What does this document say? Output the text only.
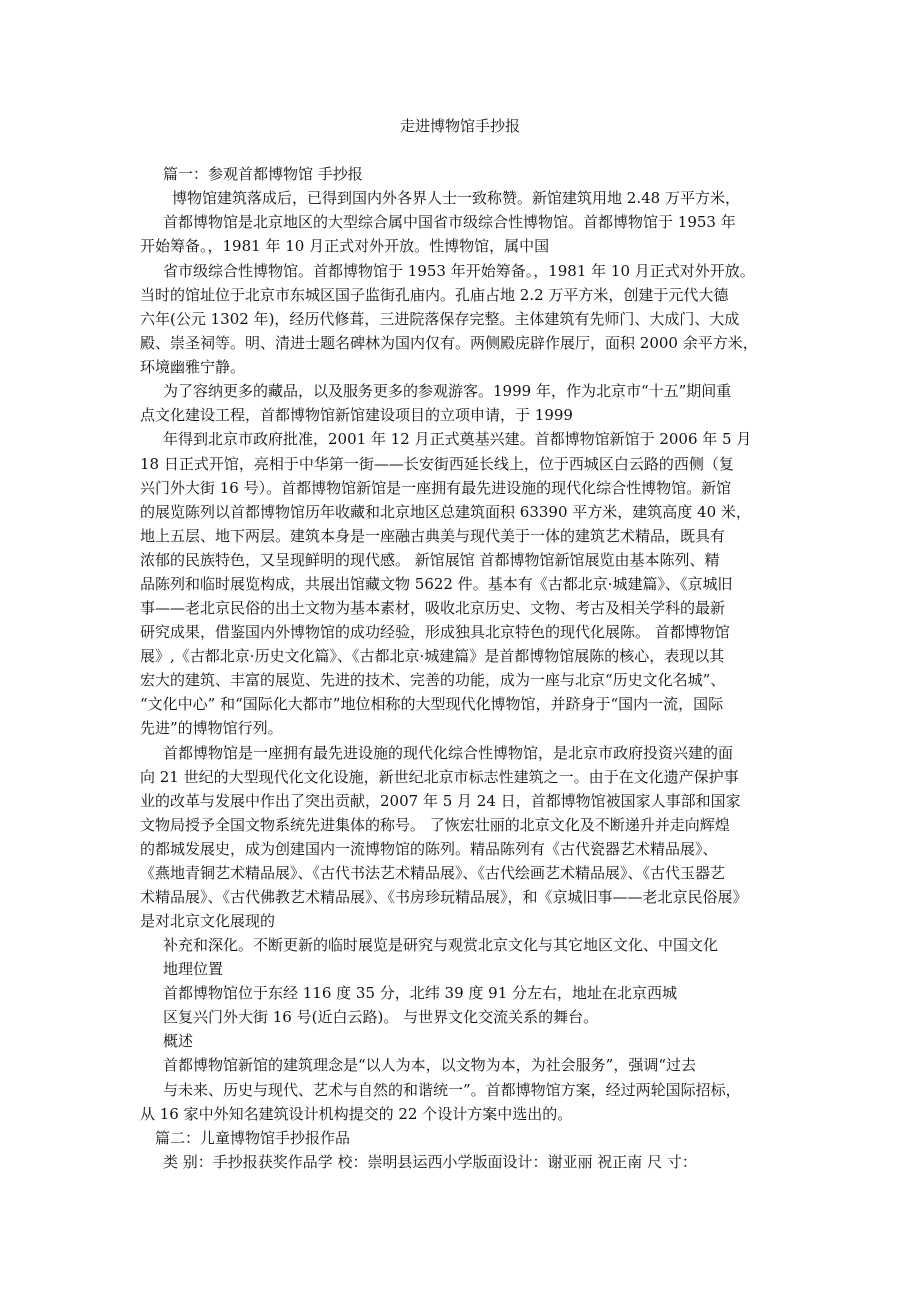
走进博物馆手抄报

篇一：参观首都博物馆 手抄报

博物馆建筑落成后，已得到国内外各界人士一致称赞。新馆建筑用地 2.48 万平方米，

首都博物馆是北京地区的大型综合属中国省市级综合性博物馆。首都博物馆于 1953 年

开始筹备。，1981 年 10 月正式对外开放。性博物馆，属中国

省市级综合性博物馆。首都博物馆于 1953 年开始筹备。，1981 年 10 月正式对外开放。

当时的馆址位于北京市东城区国子监街孔庙内。孔庙占地 2.2 万平方米，创建于元代大德

六年(公元 1302 年)，经历代修葺，三进院落保存完整。主体建筑有先师门、大成门、大成

殿、崇圣祠等。明、清进士题名碑林为国内仅有。两侧殿庑辟作展厅，面积 2000 余平方米，

环境幽雅宁静。

为了容纳更多的藏品，以及服务更多的参观游客。1999 年，作为北京市“十五”期间重

点文化建设工程，首都博物馆新馆建设项目的立项申请，于 1999

年得到北京市政府批准，2001 年 12 月正式奠基兴建。首都博物馆新馆于 2006 年 5 月

18 日正式开馆，亮相于中华第一街——长安街西延长线上，位于西城区白云路的西侧（复

兴门外大街 16 号）。首都博物馆新馆是一座拥有最先进设施的现代化综合性博物馆。新馆

的展览陈列以首都博物馆历年收藏和北京地区总建筑面积 63390 平方米，建筑高度 40 米，

地上五层、地下两层。建筑本身是一座融古典美与现代美于一体的建筑艺术精品，既具有

浓郁的民族特色，又呈现鲜明的现代感。 新馆展馆 首都博物馆新馆展览由基本陈列、精

品陈列和临时展览构成，共展出馆藏文物 5622 件。基本有《古都北京·城建篇》、《京城旧

事——老北京民俗的出土文物为基本素材，吸收北京历史、文物、考古及相关学科的最新

研究成果，借鉴国内外博物馆的成功经验，形成独具北京特色的现代化展陈。 首都博物馆

展》,《古都北京·历史文化篇》、《古都北京·城建篇》是首都博物馆展陈的核心，表现以其

宏大的建筑、丰富的展览、先进的技术、完善的功能，成为一座与北京“历史文化名城”、

“文化中心” 和“国际化大都市”地位相称的大型现代化博物馆，并跻身于“国内一流，国际

先进”的博物馆行列。

首都博物馆是一座拥有最先进设施的现代化综合性博物馆，是北京市政府投资兴建的面

向 21 世纪的大型现代化文化设施，新世纪北京市标志性建筑之一。由于在文化遗产保护事

业的改革与发展中作出了突出贡献，2007 年 5 月 24 日，首都博物馆被国家人事部和国家

文物局授予全国文物系统先进集体的称号。 了恢宏壮丽的北京文化及不断递升并走向辉煌

的都城发展史，成为创建国内一流博物馆的陈列。精品陈列有《古代瓷器艺术精品展》、

《燕地青铜艺术精品展》、《古代书法艺术精品展》、《古代绘画艺术精品展》、《古代玉器艺

术精品展》、《古代佛教艺术精品展》、《书房珍玩精品展》，和《京城旧事——老北京民俗展》

是对北京文化展现的

补充和深化。不断更新的临时展览是研究与观赏北京文化与其它地区文化、中国文化

地理位置

首都博物馆位于东经 116 度 35 分，北纬 39 度 91 分左右，地址在北京西城

区复兴门外大街 16 号(近白云路)。 与世界文化交流关系的舞台。

概述

首都博物馆新馆的建筑理念是“以人为本，以文物为本，为社会服务”，强调“过去

与未来、历史与现代、艺术与自然的和谐统一”。首都博物馆方案，经过两轮国际招标，

从 16 家中外知名建筑设计机构提交的 22 个设计方案中选出的。

篇二：儿童博物馆手抄报作品

类 别：手抄报获奖作品学 校：崇明县运西小学版面设计：谢亚丽 祝正南 尺 寸：
